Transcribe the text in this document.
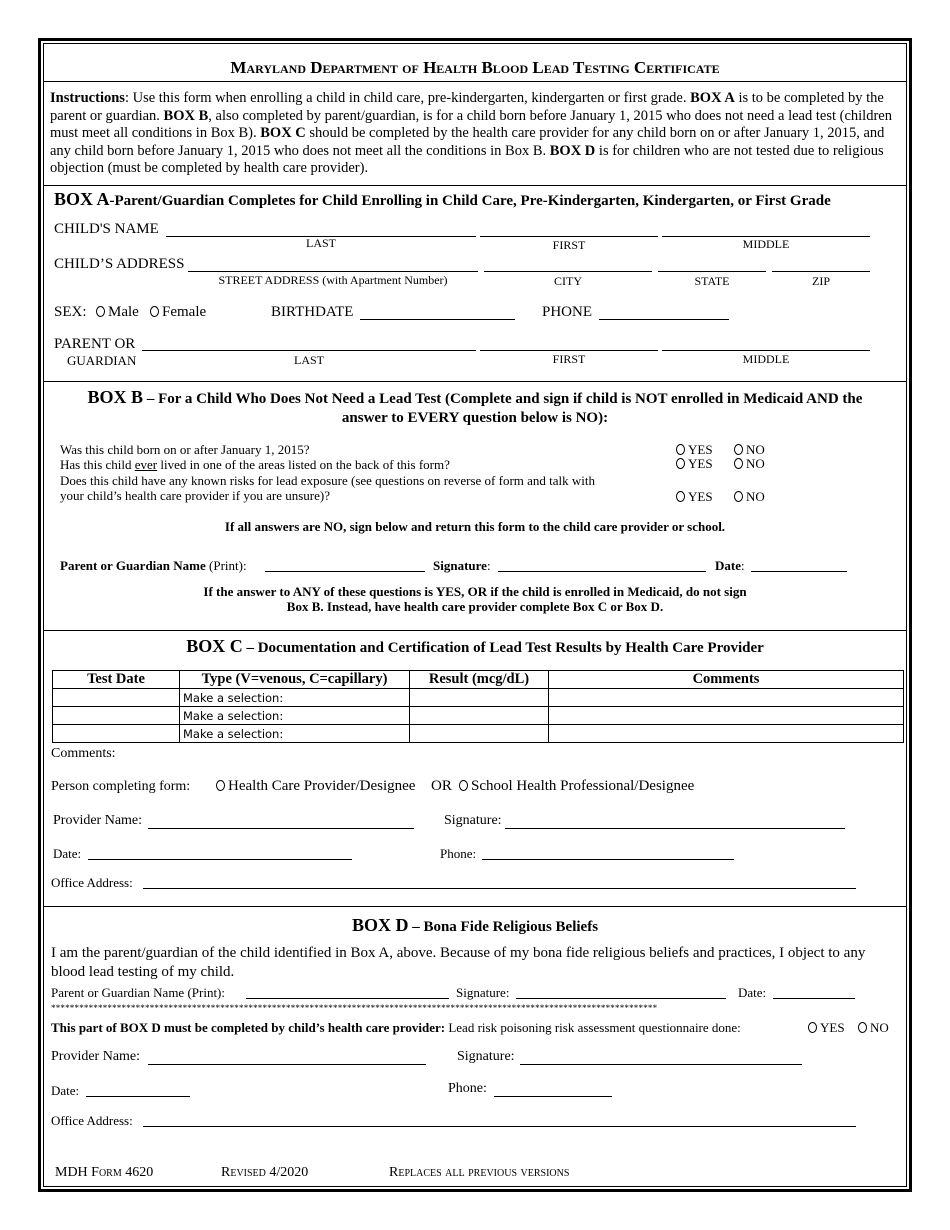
Maryland Department of Health Blood Lead Testing Certificate
Instructions: Use this form when enrolling a child in child care, pre-kindergarten, kindergarten or first grade. BOX A is to be completed by the parent or guardian. BOX B, also completed by parent/guardian, is for a child born before January 1, 2015 who does not need a lead test (children must meet all conditions in Box B). BOX C should be completed by the health care provider for any child born on or after January 1, 2015, and any child born before January 1, 2015 who does not meet all the conditions in Box B. BOX D is for children who are not tested due to religious objection (must be completed by health care provider).
BOX A-Parent/Guardian Completes for Child Enrolling in Child Care, Pre-Kindergarten, Kindergarten, or First Grade
CHILD'S NAME
LAST	FIRST	MIDDLE
CHILD’S ADDRESS
STREET ADDRESS (with Apartment Number)	CITY	STATE	ZIP
SEX:	Male	Female	BIRTHDATE	PHONE
PARENT OR
GUARDIAN	LAST	FIRST	MIDDLE
BOX B – For a Child Who Does Not Need a Lead Test (Complete and sign if child is NOT enrolled in Medicaid AND the
answer to EVERY question below is NO):
Was this child born on or after January 1, 2015?
Has this child ever lived in one of the areas listed on the back of this form?
Does this child have any known risks for lead exposure (see questions on reverse of form and talk with
your child’s health care provider if you are unsure)?
YES	NO
YES	NO
YES	NO
If all answers are NO, sign below and return this form to the child care provider or school.
Parent or Guardian Name (Print):	Signature:	Date:
If the answer to ANY of these questions is YES, OR if the child is enrolled in Medicaid, do not sign
Box B. Instead, have health care provider complete Box C or Box D.
BOX C – Documentation and Certification of Lead Test Results by Health Care Provider
Test Date	Type (V=venous, C=capillary)	Result (mcg/dL)	Comments
	Make a selection:		
	Make a selection:		
	Make a selection:		
Comments:
Person completing form:	Health Care Provider/Designee OR	School Health Professional/Designee
Provider Name:	Signature:
Date:	Phone:
Office Address:
BOX D – Bona Fide Religious Beliefs
I am the parent/guardian of the child identified in Box A, above. Because of my bona fide religious beliefs and practices, I object to any
blood lead testing of my child.
Parent or Guardian Name (Print):	Signature:	Date:
*********************************************************************************************************************************
This part of BOX D must be completed by child’s health care provider: Lead risk poisoning risk assessment questionnaire done:	YES	NO
Provider Name:	Signature:
Date:	Phone:
Office Address:
MDH Form 4620	Revised 4/2020	Replaces all previous versions
